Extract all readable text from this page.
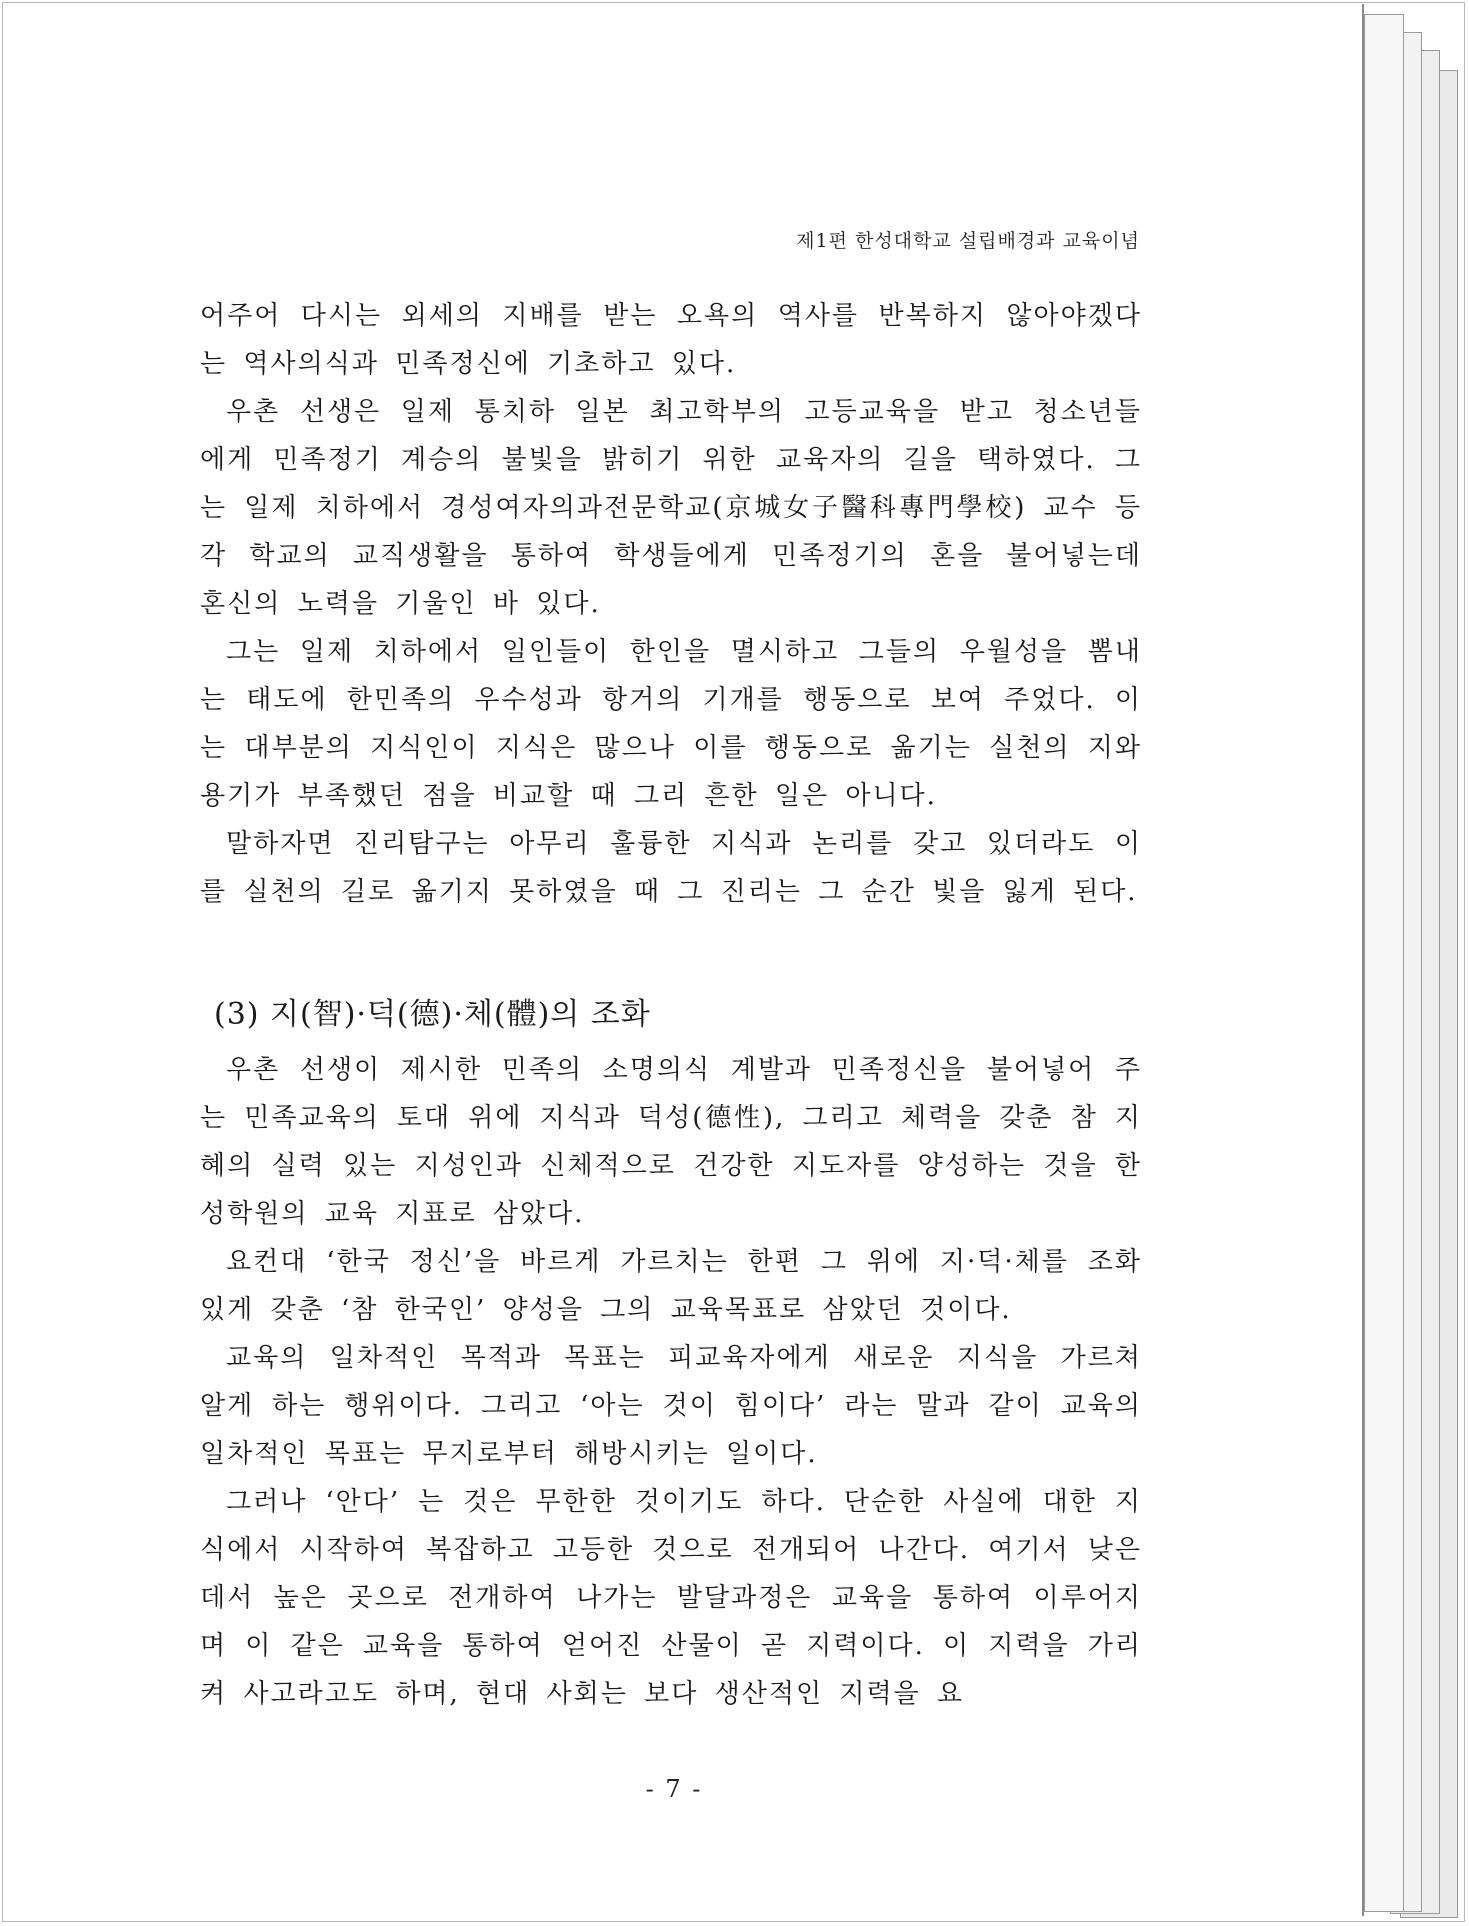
제1편 한성대학교 설립배경과 교육이념

어주어 다시는 외세의 지배를 받는 오욕의 역사를 반복하지 않아야겠다는 역사의식과 민족정신에 기초하고 있다.

우촌 선생은 일제 통치하 일본 최고학부의 고등교육을 받고 청소년들에게 민족정기 계승의 불빛을 밝히기 위한 교육자의 길을 택하였다. 그는 일제 치하에서 경성여자의과전문학교(京城女子醫科專門學校) 교수 등 각 학교의 교직생활을 통하여 학생들에게 민족정기의 혼을 불어넣는데 혼신의 노력을 기울인 바 있다.

그는 일제 치하에서 일인들이 한인을 멸시하고 그들의 우월성을 뽐내는 태도에 한민족의 우수성과 항거의 기개를 행동으로 보여 주었다. 이는 대부분의 지식인이 지식은 많으나 이를 행동으로 옮기는 실천의 지와 용기가 부족했던 점을 비교할 때 그리 흔한 일은 아니다.

말하자면 진리탐구는 아무리 훌륭한 지식과 논리를 갖고 있더라도 이를 실천의 길로 옮기지 못하였을 때 그 진리는 그 순간 빛을 잃게 된다.

(3) 지(智)·덕(德)·체(體)의 조화

우촌 선생이 제시한 민족의 소명의식 계발과 민족정신을 불어넣어 주는 민족교육의 토대 위에 지식과 덕성(德性), 그리고 체력을 갖춘 참 지혜의 실력 있는 지성인과 신체적으로 건강한 지도자를 양성하는 것을 한성학원의 교육 지표로 삼았다.

요컨대 ‘한국 정신’을 바르게 가르치는 한편 그 위에 지·덕·체를 조화 있게 갖춘 ‘참 한국인’ 양성을 그의 교육목표로 삼았던 것이다.

교육의 일차적인 목적과 목표는 피교육자에게 새로운 지식을 가르쳐 알게 하는 행위이다. 그리고 ‘아는 것이 힘이다’ 라는 말과 같이 교육의 일차적인 목표는 무지로부터 해방시키는 일이다.

그러나 ‘안다’ 는 것은 무한한 것이기도 하다. 단순한 사실에 대한 지식에서 시작하여 복잡하고 고등한 것으로 전개되어 나간다. 여기서 낮은 데서 높은 곳으로 전개하여 나가는 발달과정은 교육을 통하여 이루어지며 이 같은 교육을 통하여 얻어진 산물이 곧 지력이다. 이 지력을 가리켜 사고라고도 하며, 현대 사회는 보다 생산적인 지력을 요

- 7 -
